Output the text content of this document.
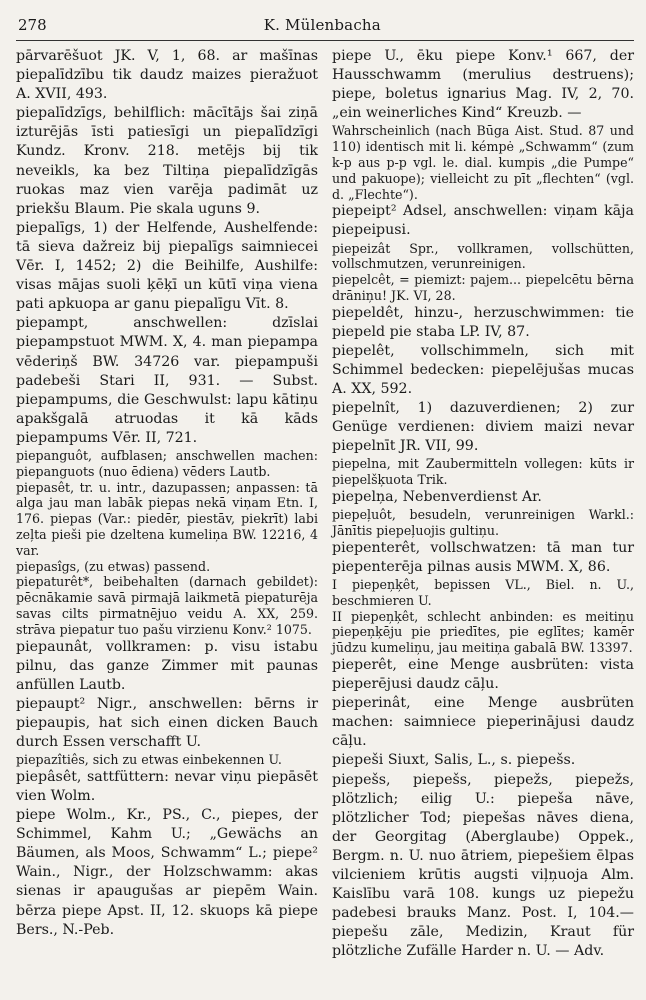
278	K. Mülenbacha

pārvarēšuot JK. V, 1, 68. ar mašīnas piepalīdzību tik daudz maizes pieražuot A. XVII, 493.

piepalīdzīgs, behilflich: mācītājs šai ziņā izturējās īsti patiesīgi un piepalīdzīgi Kundz. Kronv. 218. metējs bij tik neveikls, ka bez Tiltiņa piepalīdzīgās ruokas maz vien varēja padimāt uz priekšu Blaum. Pie skala uguns 9.

piepalīgs, 1) der Helfende, Aushelfende: tā sieva dažreiz bij piepalīgs saimniecei Vēr. I, 1452; 2) die Beihilfe, Aushilfe: visas mājas suoli ķēķī un kūtī viņa viena pati apkuopa ar ganu piepalīgu Vīt. 8.

piepampt, anschwellen: dzīslai piepampstuot MWM. X, 4. man piepampa vēderiņš BW. 34726 var. piepampuši padebeši Stari II, 931. — Subst. piepampums, die Geschwulst: lapu kātiņu apakšgalā atruodas it kā kāds piepampums Vēr. II, 721.

piepanguôt, aufblasen; anschwellen machen: piepanguots (nuo ēdiena) vēders Lautb.

piepasêt, tr. u. intr., dazupassen; anpassen: tā alga jau man labāk piepas nekā viņam Etn. I, 176. piepas (Var.: piedēr, piestāv, piekrīt) labi zeļta pieši pie dzeltena kumeliņa BW. 12216, 4 var.

piepasîgs, (zu etwas) passend.

piepaturêt*, beibehalten (darnach gebildet): pēcnākamie savā pirmajā laikmetā piepaturēja savas cilts pirmatnējuo veidu A. XX, 259. strāva piepatur tuo pašu virzienu Konv.² 1075.

piepaunât, vollkramen: p. visu istabu pilnu, das ganze Zimmer mit paunas anfüllen Lautb.

piepaupt² Nigr., anschwellen: bērns ir piepaupis, hat sich einen dicken Bauch durch Essen verschafft U.

piepazîtiês, sich zu etwas einbekennen U.

piepâsêt, sattfüttern: nevar viņu piepāsēt vien Wolm.

piepe Wolm., Kr., PS., C., piepes, der Schimmel, Kahm U.; „Gewächs an Bäumen, als Moos, Schwamm“ L.; piepe² Wain., Nigr., der Holzschwamm: akas sienas ir apaugušas ar piepēm Wain. bērza piepe Apst. II, 12. skuops kā piepe Bers., N.-Peb.

piepe U., ēku piepe Konv.¹ 667, der Hausschwamm (merulius destruens); piepe, boletus ignarius Mag. IV, 2, 70. „ein weinerliches Kind“ Kreuzb. —

Wahrscheinlich (nach Būga Aist. Stud. 87 und 110) identisch mit li. kémpė „Schwamm“ (zum k-p aus p-p vgl. le. dial. kumpis „die Pumpe“ und pakuope); vielleicht zu pīt „flechten“ (vgl. d. „Flechte“).

piepeipt² Adsel, anschwellen: viņam kāja piepeipusi.

piepeizât Spr., vollkramen, vollschütten, vollschmutzen, verunreinigen.

piepelcêt, = piemizt: pajem... piepelcētu bērna drāniņu! JK. VI, 28.

piepeldêt, hinzu-, herzuschwimmen: tie piepeld pie staba LP. IV, 87.

piepelêt, vollschimmeln, sich mit Schimmel bedecken: piepelējušas mucas A. XX, 592.

piepelnît, 1) dazuverdienen; 2) zur Genüge verdienen: diviem maizi nevar piepelnīt JR. VII, 99.

piepelna, mit Zaubermitteln vollegen: kūts ir piepelšķuota Trik.

piepelņa, Nebenverdienst Ar.

piepeļuôt, besudeln, verunreinigen Warkl.: Jānītis piepeļuojis gultiņu.

piepenterêt, vollschwatzen: tā man tur piepenterēja pilnas ausis MWM. X, 86.

I piepeņķêt, bepissen VL., Biel. n. U., beschmieren U.

II piepeņķêt, schlecht anbinden: es meitiņu piepeņķēju pie priedītes, pie eglītes; kamēr jūdzu kumeliņu, jau meitiņa gabalā BW. 13397.

pieperêt, eine Menge ausbrüten: vista pieperējusi daudz cāļu.

pieperinât, eine Menge ausbrüten machen: saimniece pieperinājusi daudz cāļu.

piepeši Siuxt, Salis, L., s. piepešs.

piepešs, piepešs, piepežs, piepežs, plötzlich; eilig U.: piepeša nāve, plötzlicher Tod; piepešas nāves diena, der Georgitag (Aberglaube) Oppek., Bergm. n. U. nuo ātriem, piepešiem ēlpas vilcieniem krūtis augsti viļņuoja Alm. Kaislību varā 108. kungs uz piepežu padebesi brauks Manz. Post. I, 104.— piepešu zāle, Medizin, Kraut für plötzliche Zufälle Harder n. U. — Adv.
